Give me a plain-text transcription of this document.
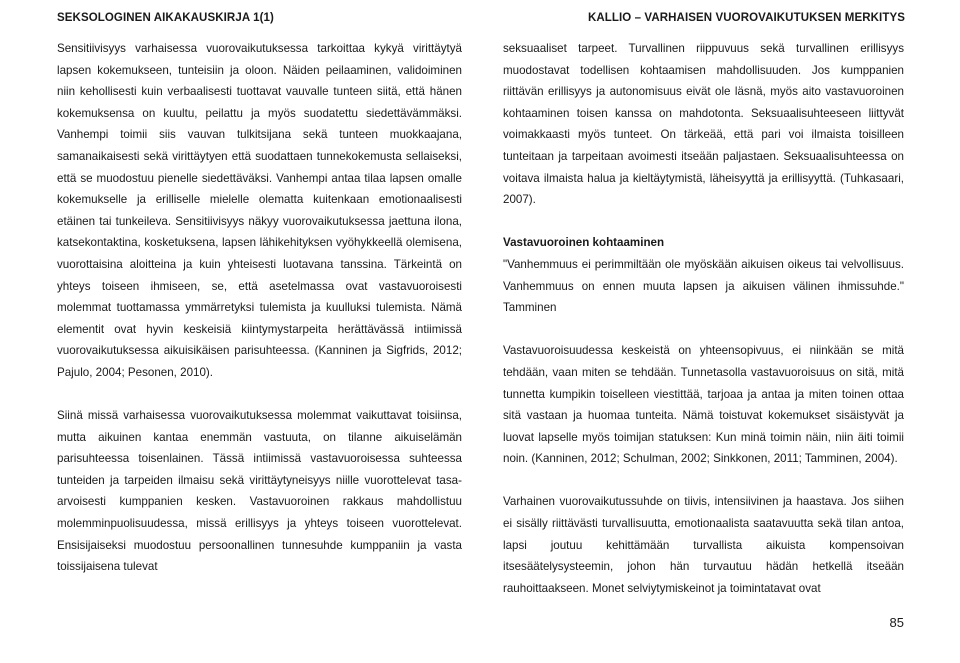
SEKSOLOGINEN AIKAKAUSKIRJA 1(1)	KALLIO – VARHAISEN VUOROVAIKUTUKSEN MERKITYS

Sensitiivisyys varhaisessa vuorovaikutuksessa tarkoittaa kykyä virittäytyä lapsen kokemukseen, tunteisiin ja oloon. Näiden peilaaminen, validoiminen niin kehollisesti kuin verbaalisesti tuottavat vauvalle tunteen siitä, että hänen kokemuksensa on kuultu, peilattu ja myös suodatettu siedettävämmäksi. Vanhempi toimii siis vauvan tulkitsijana sekä tunteen muokkaajana, samanaikaisesti sekä virittäytyen että suodattaen tunnekokemusta sellaiseksi, että se muodostuu pienelle siedettäväksi. Vanhempi antaa tilaa lapsen omalle kokemukselle ja erilliselle mielelle olematta kuitenkaan emotionaalisesti etäinen tai tunkeileva. Sensitiivisyys näkyy vuorovaikutuksessa jaettuna ilona, katsekontaktina, kosketuksena, lapsen lähikehityksen vyöhykkeellä olemisena, vuorottaisina aloitteina ja kuin yhteisesti luotavana tanssina. Tärkeintä on yhteys toiseen ihmiseen, se, että asetelmassa ovat vastavuoroisesti molemmat tuottamassa ymmärretyksi tulemista ja kuulluksi tulemista. Nämä elementit ovat hyvin keskeisiä kiintymystarpeita herättävässä intiimissä vuorovaikutuksessa aikuisikäisen parisuhteessa. (Kanninen ja Sigfrids, 2012; Pajulo, 2004; Pesonen, 2010).

Siinä missä varhaisessa vuorovaikutuksessa molemmat vaikuttavat toisiinsa, mutta aikuinen kantaa enemmän vastuuta, on tilanne aikuiselämän parisuhteessa toisenlainen. Tässä intiimissä vastavuoroisessa suhteessa tunteiden ja tarpeiden ilmaisu sekä virittäytyneisyys niille vuorottelevat tasa-arvoisesti kumppanien kesken. Vastavuoroinen rakkaus mahdollistuu molemminpuolisuudessa, missä erillisyys ja yhteys toiseen vuorottelevat. Ensisijaiseksi muodostuu persoonallinen tunnesuhde kumppaniin ja vasta toissijaisena tulevat

seksuaaliset tarpeet. Turvallinen riippuvuus sekä turvallinen erillisyys muodostavat todellisen kohtaamisen mahdollisuuden. Jos kumppanien riittävän erillisyys ja autonomisuus eivät ole läsnä, myös aito vastavuoroinen kohtaaminen toisen kanssa on mahdotonta. Seksuaalisuhteeseen liittyvät voimakkaasti myös tunteet. On tärkeää, että pari voi ilmaista toisilleen tunteitaan ja tarpeitaan avoimesti itseään paljastaen. Seksuaalisuhteessa on voitava ilmaista halua ja kieltäytymistä, läheisyyttä ja erillisyyttä. (Tuhkasaari, 2007).

Vastavuoroinen kohtaaminen

"Vanhemmuus ei perimmiltään ole myöskään aikuisen oikeus tai velvollisuus. Vanhemmuus on ennen muuta lapsen ja aikuisen välinen ihmissuhde." Tamminen

Vastavuoroisuudessa keskeistä on yhteensopivuus, ei niinkään se mitä tehdään, vaan miten se tehdään. Tunnetasolla vastavuoroisuus on sitä, mitä tunnetta kumpikin toiselleen viestittää, tarjoaa ja antaa ja miten toinen ottaa sitä vastaan ja huomaa tunteita. Nämä toistuvat kokemukset sisäistyvät ja luovat lapselle myös toimijan statuksen: Kun minä toimin näin, niin äiti toimii noin. (Kanninen, 2012; Schulman, 2002; Sinkkonen, 2011; Tamminen, 2004).

Varhainen vuorovaikutussuhde on tiivis, intensiivinen ja haastava. Jos siihen ei sisälly riittävästi turvallisuutta, emotionaalista saatavuutta sekä tilan antoa, lapsi joutuu kehittämään turvallista aikuista kompensoivan itsesäätelysysteemin, johon hän turvautuu hädän hetkellä itseään rauhoittaakseen. Monet selviytymiskeinot ja toimintatavat ovat

85
